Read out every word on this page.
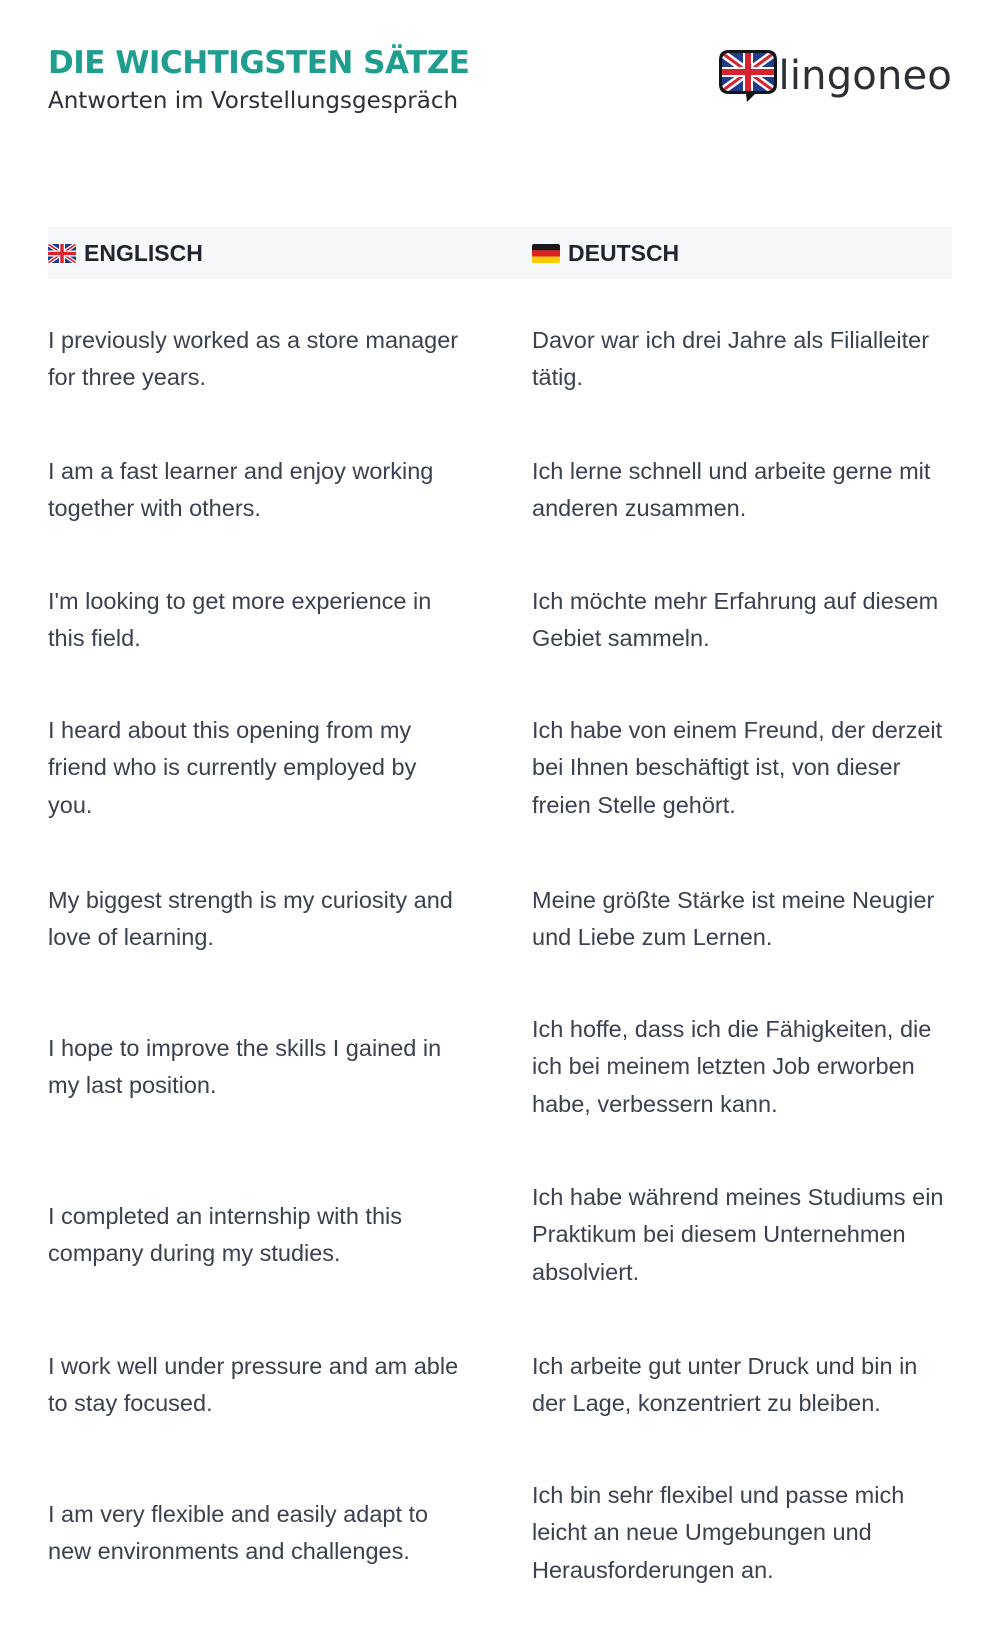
DIE WICHTIGSTEN SÄTZE
Antworten im Vorstellungsgespräch
lingoneo
ENGLISCH	DEUTSCH
I previously worked as a store manager for three years.
Davor war ich drei Jahre als Filialleiter tätig.
I am a fast learner and enjoy working together with others.
Ich lerne schnell und arbeite gerne mit anderen zusammen.
I'm looking to get more experience in this field.
Ich möchte mehr Erfahrung auf diesem Gebiet sammeln.
I heard about this opening from my friend who is currently employed by you.
Ich habe von einem Freund, der derzeit bei Ihnen beschäftigt ist, von dieser freien Stelle gehört.
My biggest strength is my curiosity and love of learning.
Meine größte Stärke ist meine Neugier und Liebe zum Lernen.
I hope to improve the skills I gained in my last position.
Ich hoffe, dass ich die Fähigkeiten, die ich bei meinem letzten Job erworben habe, verbessern kann.
I completed an internship with this company during my studies.
Ich habe während meines Studiums ein Praktikum bei diesem Unternehmen absolviert.
I work well under pressure and am able to stay focused.
Ich arbeite gut unter Druck und bin in der Lage, konzentriert zu bleiben.
I am very flexible and easily adapt to new environments and challenges.
Ich bin sehr flexibel und passe mich leicht an neue Umgebungen und Herausforderungen an.
